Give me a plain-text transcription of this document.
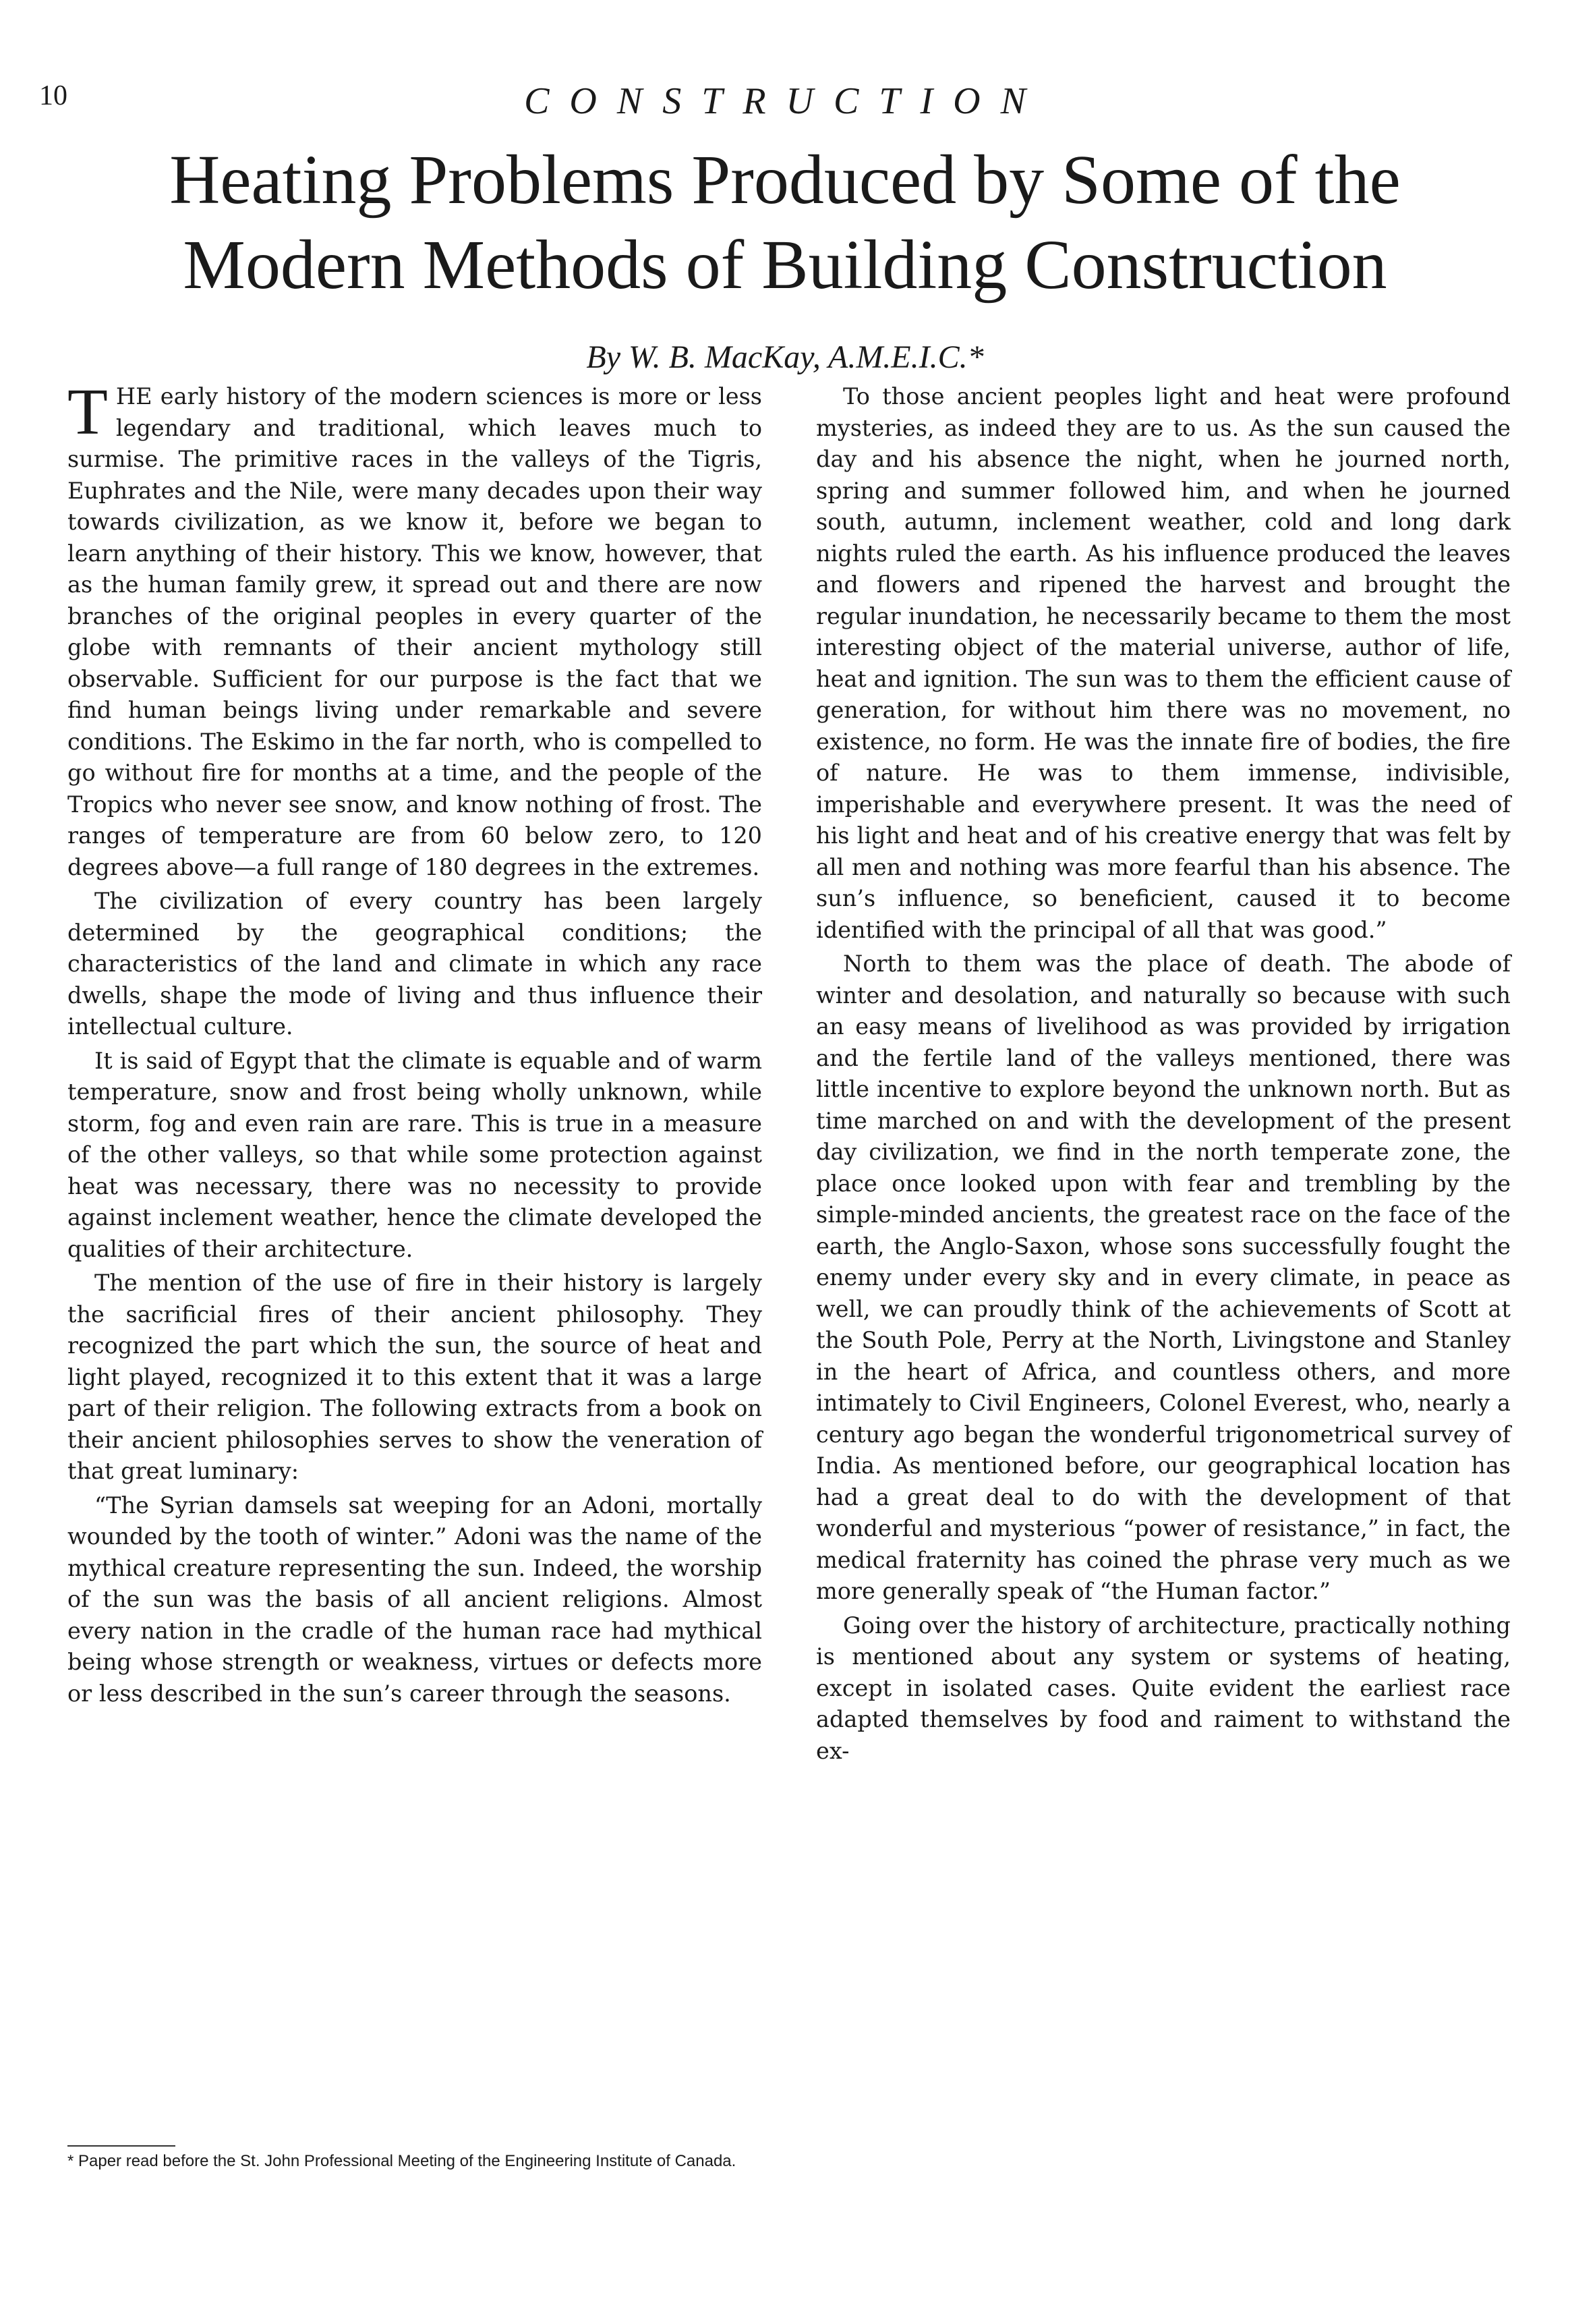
10	CONSTRUCTION
Heating Problems Produced by Some of the
Modern Methods of Building Construction
By W. B. MacKay, A.M.E.I.C.*

THE early history of the modern sciences is more or less legendary and traditional, which leaves much to surmise. The primitive races in the valleys of the Tigris, Euphrates and the Nile, were many decades upon their way towards civilization, as we know it, before we began to learn anything of their history. This we know, however, that as the human family grew, it spread out and there are now branches of the original peoples in every quarter of the globe with remnants of their ancient mythology still observable. Sufficient for our purpose is the fact that we find human beings living under remarkable and severe conditions. The Eskimo in the far north, who is compelled to go without fire for months at a time, and the people of the Tropics who never see snow, and know nothing of frost. The ranges of temperature are from 60 below zero, to 120 degrees above—a full range of 180 degrees in the extremes.

The civilization of every country has been largely determined by the geographical conditions; the characteristics of the land and climate in which any race dwells, shape the mode of living and thus influence their intellectual culture.

It is said of Egypt that the climate is equable and of warm temperature, snow and frost being wholly unknown, while storm, fog and even rain are rare. This is true in a measure of the other valleys, so that while some protection against heat was necessary, there was no necessity to provide against inclement weather, hence the climate developed the qualities of their architecture.

The mention of the use of fire in their history is largely the sacrificial fires of their ancient philosophy. They recognized the part which the sun, the source of heat and light played, recognized it to this extent that it was a large part of their religion. The following extracts from a book on their ancient philosophies serves to show the veneration of that great luminary:

“The Syrian damsels sat weeping for an Adoni, mortally wounded by the tooth of winter.” Adoni was the name of the mythical creature representing the sun. Indeed, the worship of the sun was the basis of all ancient religions. Almost every nation in the cradle of the human race had mythical being whose strength or weakness, virtues or defects more or less described in the sun’s career through the seasons.

To those ancient peoples light and heat were profound mysteries, as indeed they are to us. As the sun caused the day and his absence the night, when he journed north, spring and summer followed him, and when he journed south, autumn, inclement weather, cold and long dark nights ruled the earth. As his influence produced the leaves and flowers and ripened the harvest and brought the regular inundation, he necessarily became to them the most interesting object of the material universe, author of life, heat and ignition. The sun was to them the efficient cause of generation, for without him there was no movement, no existence, no form. He was the innate fire of bodies, the fire of nature. He was to them immense, indivisible, imperishable and everywhere present. It was the need of his light and heat and of his creative energy that was felt by all men and nothing was more fearful than his absence. The sun’s influence, so beneficient, caused it to become identified with the principal of all that was good.”

North to them was the place of death. The abode of winter and desolation, and naturally so because with such an easy means of livelihood as was provided by irrigation and the fertile land of the valleys mentioned, there was little incentive to explore beyond the unknown north. But as time marched on and with the development of the present day civilization, we find in the north temperate zone, the place once looked upon with fear and trembling by the simple-minded ancients, the greatest race on the face of the earth, the Anglo-Saxon, whose sons successfully fought the enemy under every sky and in every climate, in peace as well, we can proudly think of the achievements of Scott at the South Pole, Perry at the North, Livingstone and Stanley in the heart of Africa, and countless others, and more intimately to Civil Engineers, Colonel Everest, who, nearly a century ago began the wonderful trigonometrical survey of India. As mentioned before, our geographical location has had a great deal to do with the development of that wonderful and mysterious “power of resistance,” in fact, the medical fraternity has coined the phrase very much as we more generally speak of “the Human factor.”

Going over the history of architecture, practically nothing is mentioned about any system or systems of heating, except in isolated cases. Quite evident the earliest race adapted themselves by food and raiment to withstand the ex-

* Paper read before the St. John Professional Meeting of the Engineering Institute of Canada.
